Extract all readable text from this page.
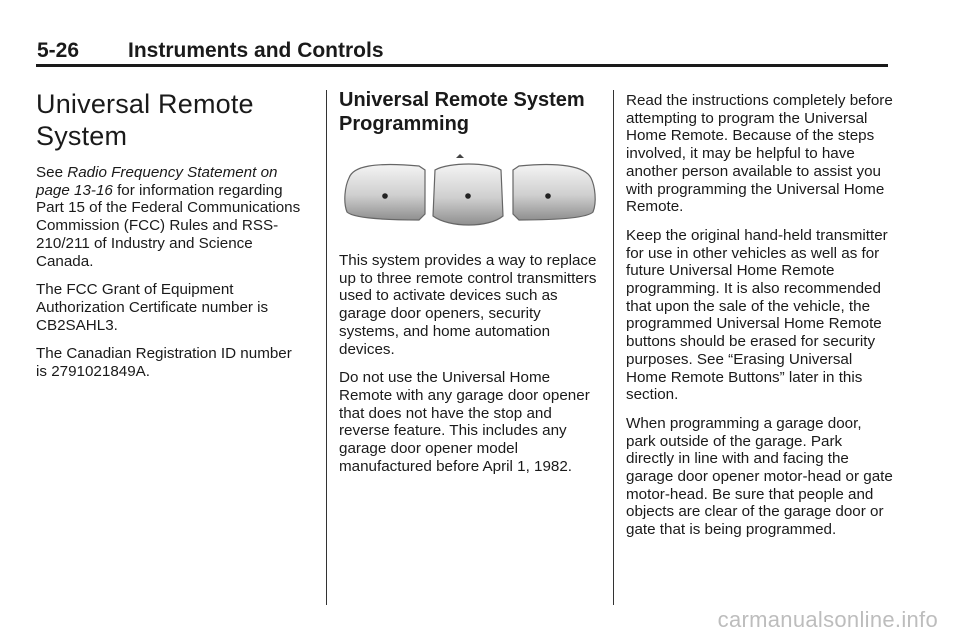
5-26 Instruments and Controls
Universal Remote System

See Radio Frequency Statement on page 13-16 for information regarding Part 15 of the Federal Communications Commission (FCC) Rules and RSS-210/211 of Industry and Science Canada.

The FCC Grant of Equipment Authorization Certificate number is CB2SAHL3.

The Canadian Registration ID number is 2791021849A.

Universal Remote System Programming

This system provides a way to replace up to three remote control transmitters used to activate devices such as garage door openers, security systems, and home automation devices.

Do not use the Universal Home Remote with any garage door opener that does not have the stop and reverse feature. This includes any garage door opener model manufactured before April 1, 1982.

Read the instructions completely before attempting to program the Universal Home Remote. Because of the steps involved, it may be helpful to have another person available to assist you with programming the Universal Home Remote.

Keep the original hand-held transmitter for use in other vehicles as well as for future Universal Home Remote programming. It is also recommended that upon the sale of the vehicle, the programmed Universal Home Remote buttons should be erased for security purposes. See “Erasing Universal Home Remote Buttons” later in this section.

When programming a garage door, park outside of the garage. Park directly in line with and facing the garage door opener motor-head or gate motor-head. Be sure that people and objects are clear of the garage door or gate that is being programmed.

carmanualsonline.info
